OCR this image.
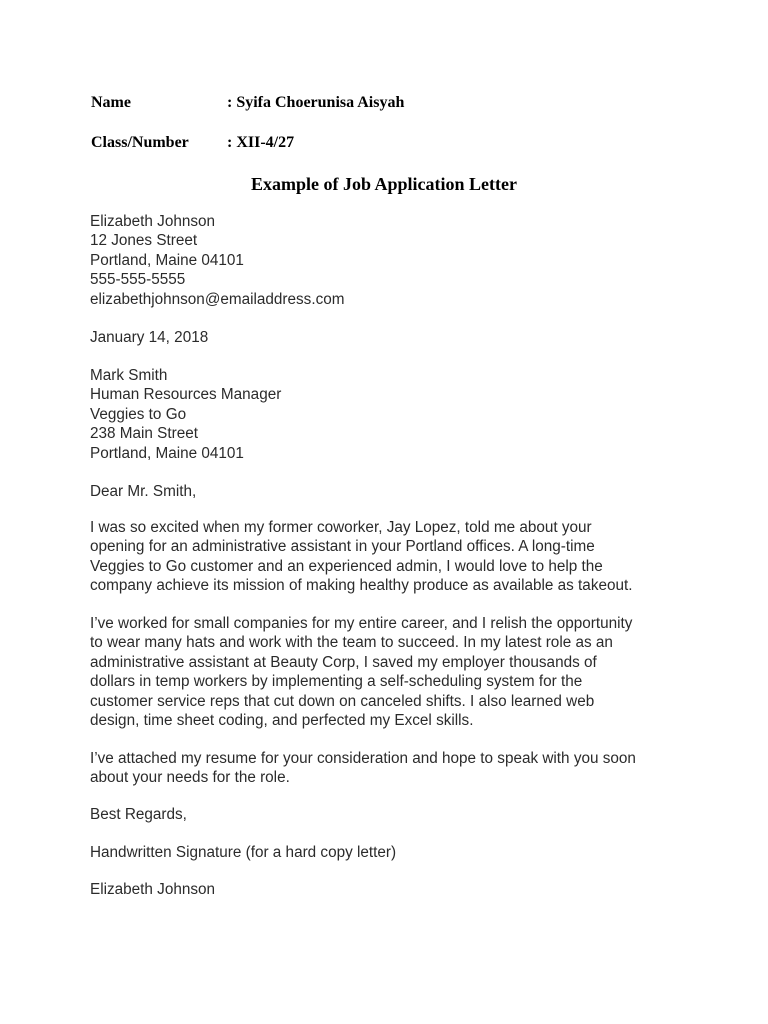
Name	: Syifa Choerunisa Aisyah
Class/Number : XII-4/27
Example of Job Application Letter
Elizabeth Johnson
12 Jones Street
Portland, Maine 04101
555-555-5555
elizabethjohnson@emailaddress.com
January 14, 2018
Mark Smith
Human Resources Manager
Veggies to Go
238 Main Street
Portland, Maine 04101
Dear Mr. Smith,
I was so excited when my former coworker, Jay Lopez, told me about your
opening for an administrative assistant in your Portland offices. A long-time
Veggies to Go customer and an experienced admin, I would love to help the
company achieve its mission of making healthy produce as available as takeout.
I’ve worked for small companies for my entire career, and I relish the opportunity
to wear many hats and work with the team to succeed. In my latest role as an
administrative assistant at Beauty Corp, I saved my employer thousands of
dollars in temp workers by implementing a self-scheduling system for the
customer service reps that cut down on canceled shifts. I also learned web
design, time sheet coding, and perfected my Excel skills.
I’ve attached my resume for your consideration and hope to speak with you soon
about your needs for the role.
Best Regards,
Handwritten Signature (for a hard copy letter)
Elizabeth Johnson
